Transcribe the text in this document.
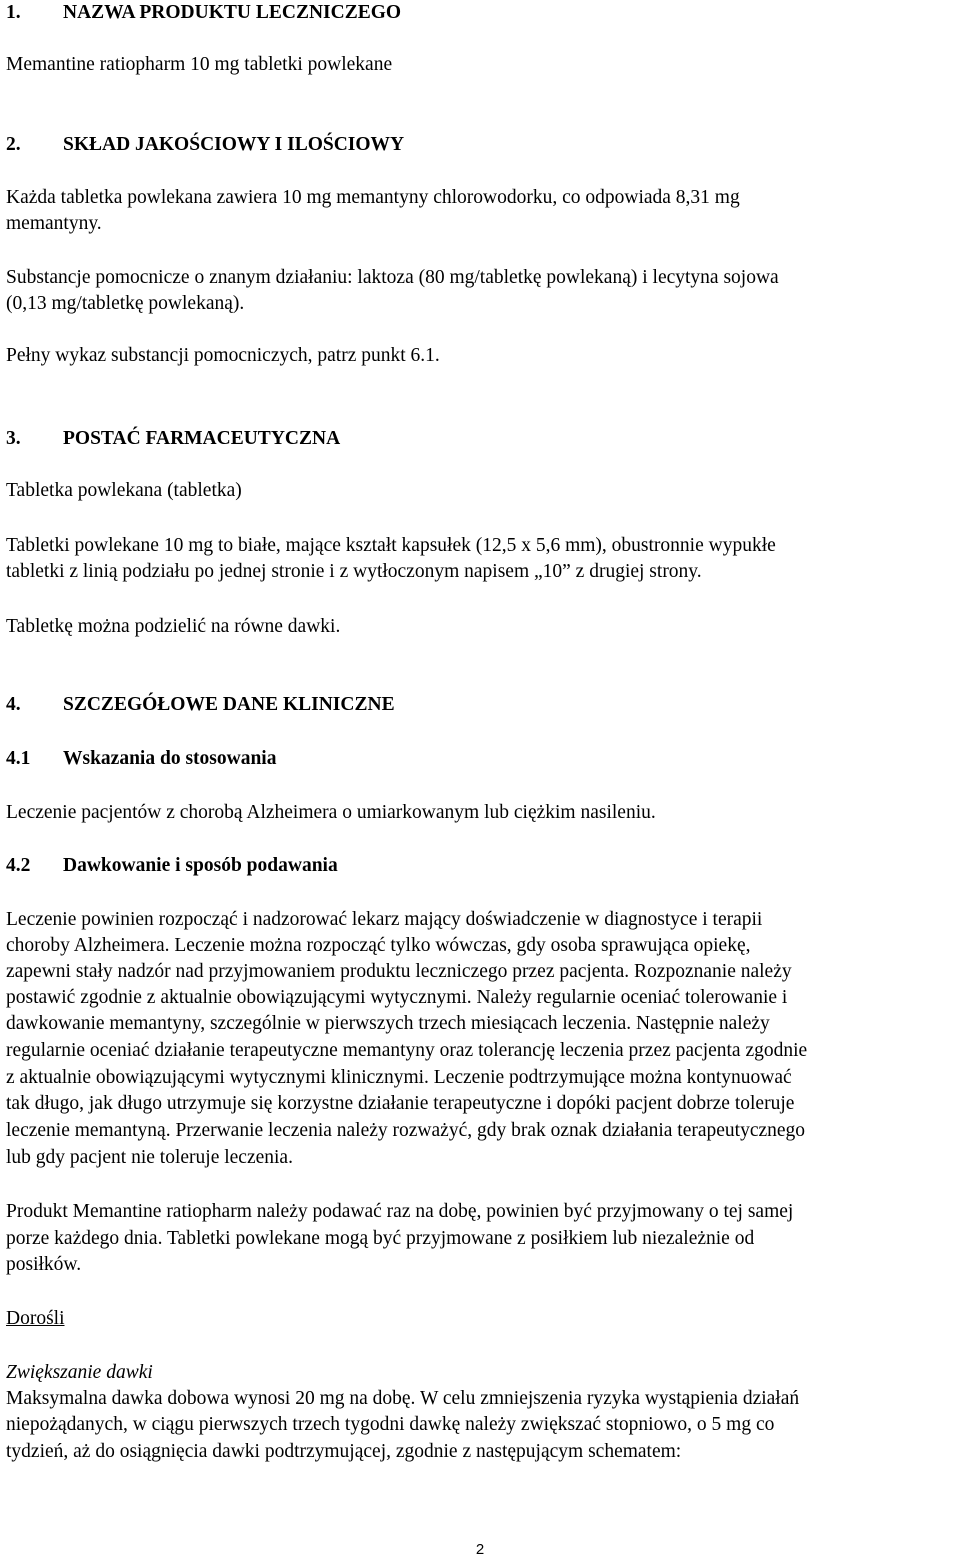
1. NAZWA PRODUKTU LECZNICZEGO
Memantine ratiopharm 10 mg tabletki powlekane
2. SKŁAD JAKOŚCIOWY I ILOŚCIOWY
Każda tabletka powlekana zawiera 10 mg memantyny chlorowodorku, co odpowiada 8,31 mg
memantyny.
Substancje pomocnicze o znanym działaniu: laktoza (80 mg/tabletkę powlekaną) i lecytyna sojowa
(0,13 mg/tabletkę powlekaną).
Pełny wykaz substancji pomocniczych, patrz punkt 6.1.
3. POSTAĆ FARMACEUTYCZNA
Tabletka powlekana (tabletka)
Tabletki powlekane 10 mg to białe, mające kształt kapsułek (12,5 x 5,6 mm), obustronnie wypukłe
tabletki z linią podziału po jednej stronie i z wytłoczonym napisem „10” z drugiej strony.
Tabletkę można podzielić na równe dawki.
4. SZCZEGÓŁOWE DANE KLINICZNE
4.1 Wskazania do stosowania
Leczenie pacjentów z chorobą Alzheimera o umiarkowanym lub ciężkim nasileniu.
4.2 Dawkowanie i sposób podawania
Leczenie powinien rozpocząć i nadzorować lekarz mający doświadczenie w diagnostyce i terapii
choroby Alzheimera. Leczenie można rozpocząć tylko wówczas, gdy osoba sprawująca opiekę,
zapewni stały nadzór nad przyjmowaniem produktu leczniczego przez pacjenta. Rozpoznanie należy
postawić zgodnie z aktualnie obowiązującymi wytycznymi. Należy regularnie oceniać tolerowanie i
dawkowanie memantyny, szczególnie w pierwszych trzech miesiącach leczenia. Następnie należy
regularnie oceniać działanie terapeutyczne memantyny oraz tolerancję leczenia przez pacjenta zgodnie
z aktualnie obowiązującymi wytycznymi klinicznymi. Leczenie podtrzymujące można kontynuować
tak długo, jak długo utrzymuje się korzystne działanie terapeutyczne i dopóki pacjent dobrze toleruje
leczenie memantyną. Przerwanie leczenia należy rozważyć, gdy brak oznak działania terapeutycznego
lub gdy pacjent nie toleruje leczenia.
Produkt Memantine ratiopharm należy podawać raz na dobę, powinien być przyjmowany o tej samej
porze każdego dnia. Tabletki powlekane mogą być przyjmowane z posiłkiem lub niezależnie od
posiłków.
Dorośli
Zwiększanie dawki
Maksymalna dawka dobowa wynosi 20 mg na dobę. W celu zmniejszenia ryzyka wystąpienia działań
niepożądanych, w ciągu pierwszych trzech tygodni dawkę należy zwiększać stopniowo, o 5 mg co
tydzień, aż do osiągnięcia dawki podtrzymującej, zgodnie z następującym schematem:
2
